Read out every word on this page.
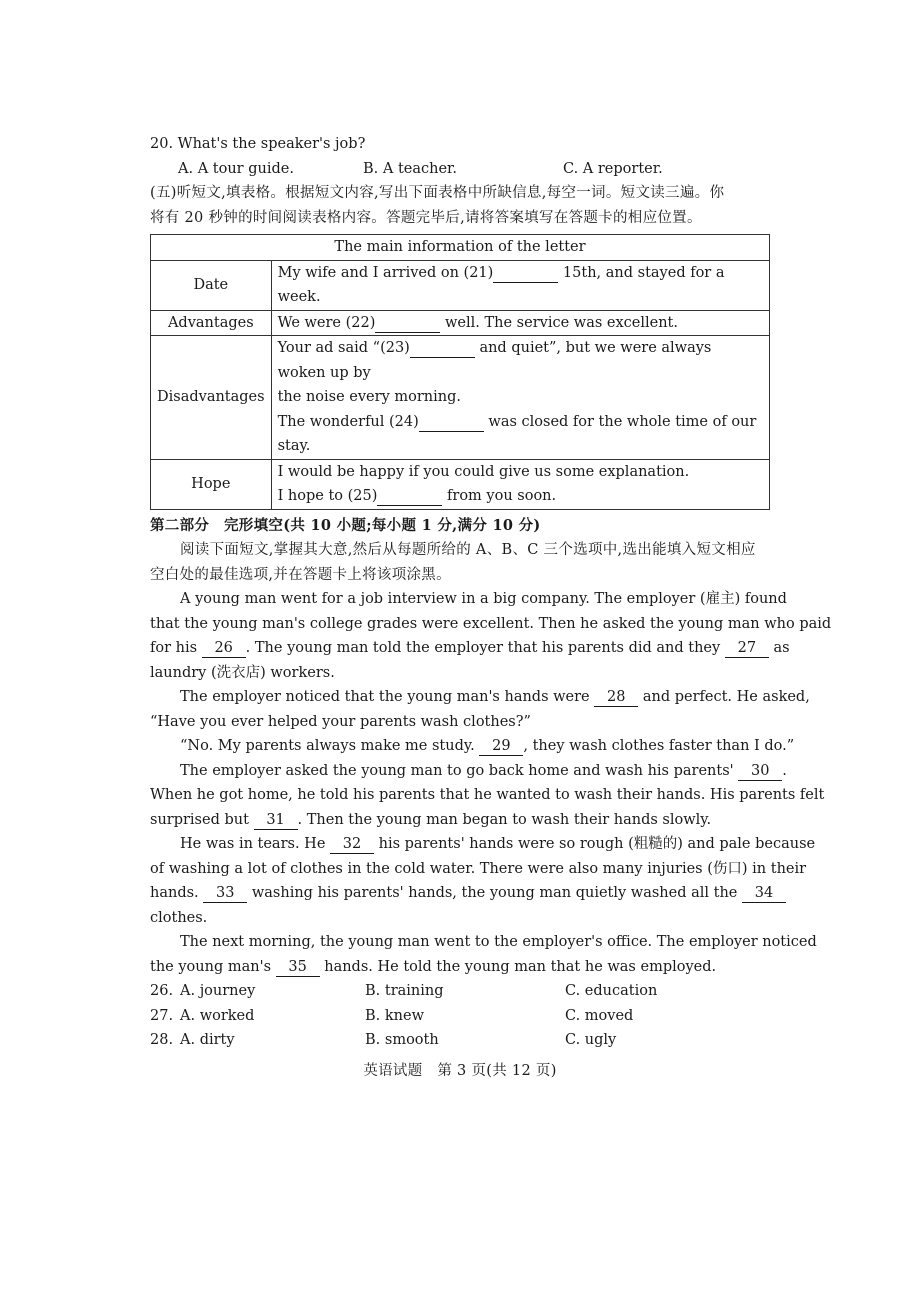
20. What's the speaker's job?
A. A tour guide.	B. A teacher.	C. A reporter.
(五)听短文,填表格。根据短文内容,写出下面表格中所缺信息,每空一词。短文读三遍。你
将有 20 秒钟的时间阅读表格内容。答题完毕后,请将答案填写在答题卡的相应位置。
The main information of the letter	
Date	My wife and I arrived on (21) 15th, and stayed for a week.
Advantages	We were (22) well. The service was excellent.
Disadvantages	Your ad said “(23) and quiet”, but we were always woken up by
the noise every morning.
The wonderful (24) was closed for the whole time of our stay.

Hope	I would be happy if you could give us some explanation.
I hope to (25) from you soon.
第二部分　完形填空(共 10 小题;每小题 1 分,满分 10 分)
阅读下面短文,掌握其大意,然后从每题所给的 A、B、C 三个选项中,选出能填入短文相应
空白处的最佳选项,并在答题卡上将该项涂黑。
A young man went for a job interview in a big company. The employer (雇主) found
that the young man's college grades were excellent. Then he asked the young man who paid
for his 26 . The young man told the employer that his parents did and they 27 as
laundry (洗衣店) workers.
The employer noticed that the young man's hands were 28 and perfect. He asked,
“Have you ever helped your parents wash clothes?”
“No. My parents always make me study. 29 , they wash clothes faster than I do.”
The employer asked the young man to go back home and wash his parents' 30 .
When he got home, he told his parents that he wanted to wash their hands. His parents felt
surprised but 31 . Then the young man began to wash their hands slowly.
He was in tears. He 32 his parents' hands were so rough (粗糙的) and pale because
of washing a lot of clothes in the cold water. There were also many injuries (伤口) in their
hands. 33 washing his parents' hands, the young man quietly washed all the 34
clothes.
The next morning, the young man went to the employer's office. The employer noticed
the young man's 35 hands. He told the young man that he was employed.
26. A. journey	B. training	C. education
27. A. worked	B. knew	C. moved
28. A. dirty	B. smooth	C. ugly
英语试题　第 3 页(共 12 页)
